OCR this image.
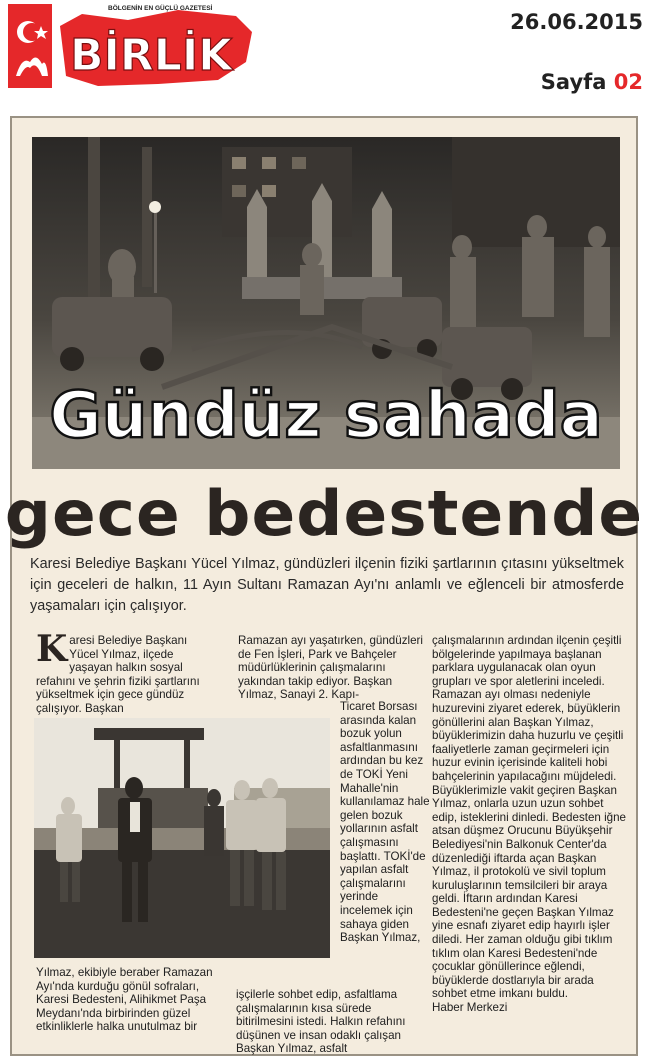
BİRLİK
BÖLGENİN EN GÜÇLÜ GAZETESİ
26.06.2015
Sayfa 02
Gündüz sahada
gece bedestende
Karesi Belediye Başkanı Yücel Yılmaz, gündüzleri ilçenin fiziki şartlarının çıtasını yükseltmek için geceleri de halkın, 11 Ayın Sultanı Ramazan Ayı'nı anlamlı ve eğlenceli bir atmosferde yaşamaları için çalışıyor.
Karesi Belediye Başkanı Yücel Yılmaz, ilçede yaşayan halkın sosyal refahını ve şehrin fiziki şartlarını yükseltmek için gece gündüz çalışıyor. Başkan
Yılmaz, ekibiyle beraber Ramazan Ayı'nda kurduğu gönül sofraları, Karesi Bedesteni, Alihikmet Paşa Meydanı'nda birbirinden güzel etkinliklerle halka unutulmaz bir
Ramazan ayı yaşatırken, gündüzleri de Fen İşleri, Park ve Bahçeler müdürlüklerinin çalışmalarını yakından takip ediyor. Başkan Yılmaz, Sanayi 2. Kapı-
Ticaret Borsası arasında kalan bozuk yolun asfaltlanmasını ardından bu kez de TOKİ Yeni Mahalle'nin kullanılamaz hale gelen bozuk yollarının asfalt çalışmasını başlattı. TOKİ'de yapılan asfalt çalışmalarını yerinde incelemek için sahaya giden Başkan Yılmaz,
işçilerle sohbet edip, asfaltlama çalışmalarının kısa sürede bitirilmesini istedi. Halkın refahını düşünen ve insan odaklı çalışan Başkan Yılmaz, asfalt
çalışmalarının ardından ilçenin çeşitli bölgelerinde yapılmaya başlanan parklara uygulanacak olan oyun grupları ve spor aletlerini inceledi. Ramazan ayı olması nedeniyle huzurevini ziyaret ederek, büyüklerin gönüllerini alan Başkan Yılmaz, büyüklerimizin daha huzurlu ve çeşitli faaliyetlerle zaman geçirmeleri için huzur evinin içerisinde kaliteli hobi bahçelerinin yapılacağını müjdeledi. Büyüklerimizle vakit geçiren Başkan Yılmaz, onlarla uzun uzun sohbet edip, isteklerini dinledi. Bedesten iğne atsan düşmez Orucunu Büyükşehir Belediyesi'nin Balkonuk Center'da düzenlediği iftarda açan Başkan Yılmaz, il protokolü ve sivil toplum kuruluşlarının temsilcileri bir araya geldi. İftarın ardından Karesi Bedesteni'ne geçen Başkan Yılmaz yine esnafı ziyaret edip hayırlı işler diledi. Her zaman olduğu gibi tıklım tıklım olan Karesi Bedesteni'nde çocuklar gönüllerince eğlendi, büyüklerde dostlarıyla bir arada sohbet etme imkanı buldu.
Haber Merkezi
